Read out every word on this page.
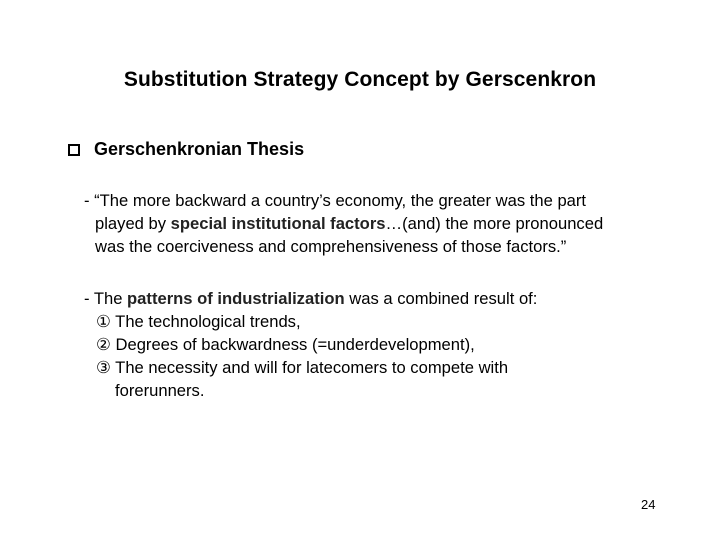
Substitution Strategy Concept by Gerscenkron
Gerschenkronian Thesis
- “The more backward a country’s economy, the greater was the part
played by special institutional factors…(and) the more pronounced
was the coerciveness and comprehensiveness of those factors.”
- The patterns of industrialization was a combined result of:
① The technological trends,
② Degrees of backwardness (=underdevelopment),
③ The necessity and will for latecomers to compete with
forerunners.
24
